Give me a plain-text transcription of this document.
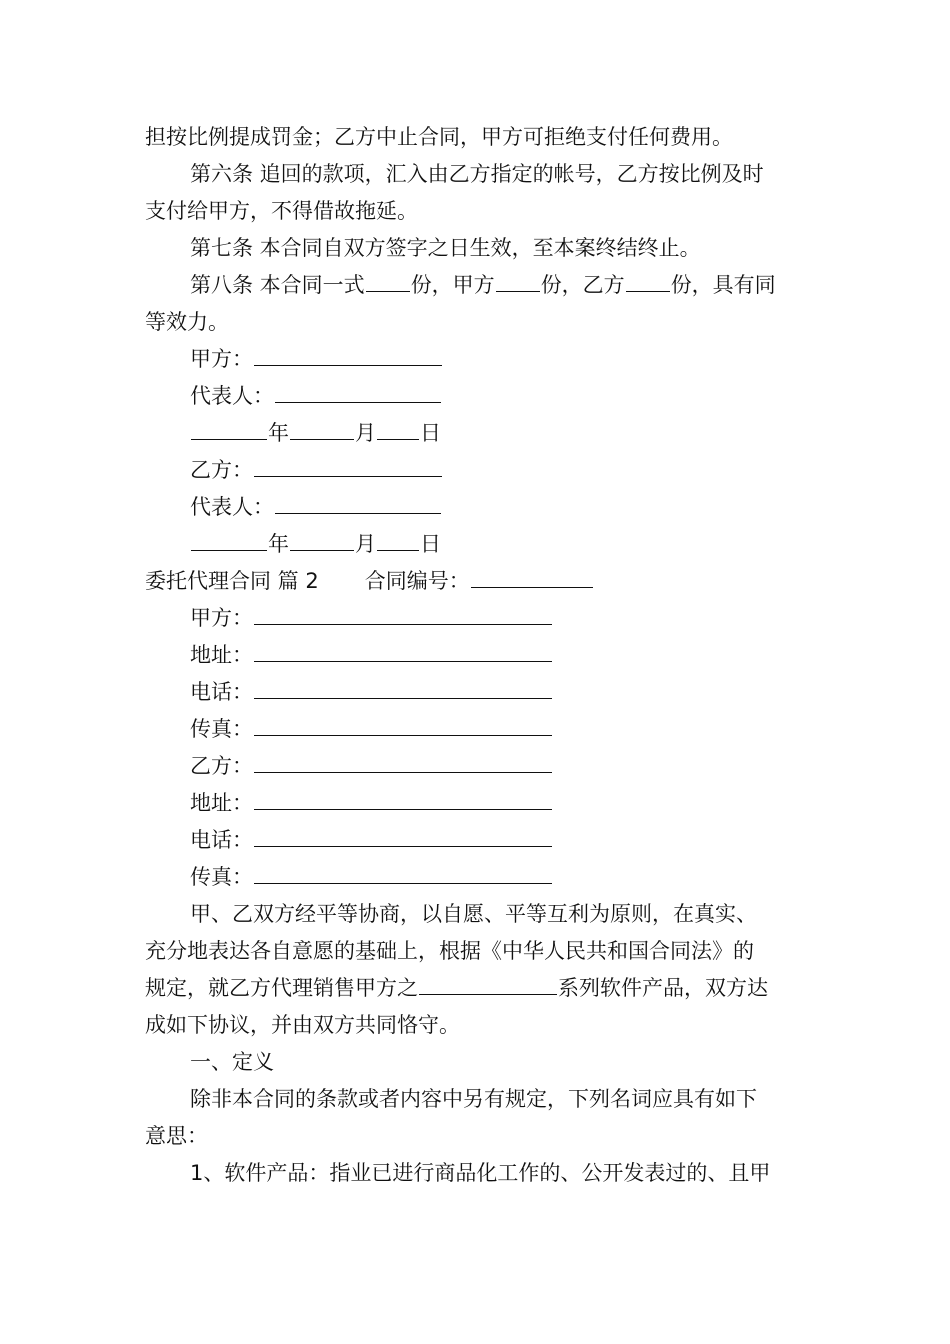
担按比例提成罚金；乙方中止合同，甲方可拒绝支付任何费用。
第六条 追回的款项，汇入由乙方指定的帐号，乙方按比例及时
支付给甲方，不得借故拖延。
第七条 本合同自双方签字之日生效，至本案终结终止。
第八条 本合同一式 份，甲方 份，乙方 份，具有同
等效力。
甲方：
代表人：
年	月 日
乙方：
代表人：
年	月 日
委托代理合同 篇 2 合同编号：
甲方：
地址：
电话：
传真：
乙方：
地址：
电话：
传真：
甲、乙双方经平等协商，以自愿、平等互利为原则，在真实、
充分地表达各自意愿的基础上，根据《中华人民共和国合同法》的
规定，就乙方代理销售甲方之	系列软件产品，双方达
成如下协议，并由双方共同恪守。
一、定义
除非本合同的条款或者内容中另有规定，下列名词应具有如下
意思：
1、软件产品：指业已进行商品化工作的、公开发表过的、且甲
